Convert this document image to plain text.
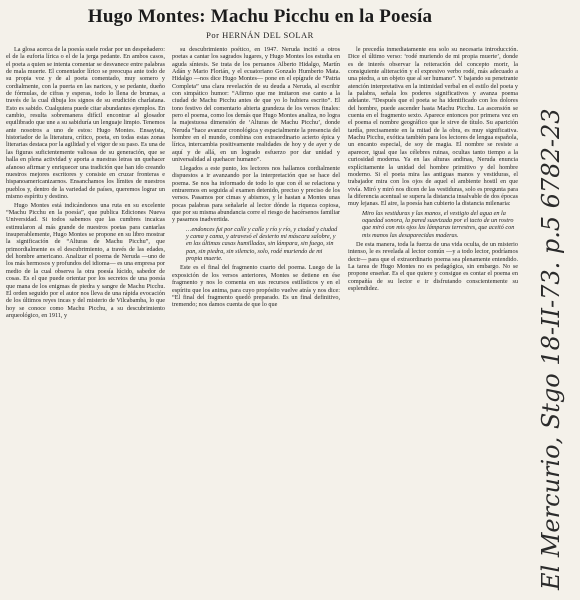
Hugo Montes: Machu Picchu en la Poesía
Por HERNÁN DEL SOLAR

La glosa acerca de la poesía suele rodar por un despeñadero: el de la euforia lírica o el de la jerga pedante. En ambos casos, el poeta a quien se intenta comentar se desvanece entre palabras de mala muerte. El comentador lírico se preocupa ante todo de su propia voz y de al poeta comentado, muy somero y cordialmente, con la puerta en las narices, y se pedante, dueño de fórmulas, de cifras y esperas, todo lo llena de brumas, a través de la cual dibuja los signos de su erudición charlatana. Esto es sabido. Cualquiera puede citar abundantes ejemplos. En cambio, resulta sobremanera difícil encontrar al glosador equilibrado que une a su sabiduría un lenguaje limpio. Tenemos ante nosotros a uno de estos: Hugo Montes. Ensayista, historiador de la literatura, crítico, poeta, en todas estas zonas literarias destaca por la agilidad y el vigor de su paso. Es una de las figuras suficientemente valiosas de su generación, que se halla en plena actividad y aporta a nuestras letras un quehacer afanoso afirmar y enriquecer una tradición que han ido creando nuestros mejores escritores y consiste en cruzar fronteras e hispanoamericanizarnos. Ensanchamos los límites de nuestros pueblos y, dentro de la variedad de países, queremos lograr un mismo espíritu y destino.

Hugo Montes está indicándonos una ruta en su excelente “Machu Picchu en la poesía”, que publica Ediciones Nueva Universidad. Si todos sabemos que las cumbres incaicas estimularon al más grande de nuestros poetas para cantarlas insuperablemente, Hugo Montes se propone en su libro mostrar la significación de “Alturas de Machu Picchu”, que primordialmente es el descubrimiento, a través de las edades, del hombre americano. Analizar el poema de Neruda —uno de los más hermosos y profundos del idioma— es una empresa por medio de la cual observa la otra poesía lúcido, sabedor de cosas. Es el que puede orientar por los secretos de una poesía que mana de los enigmas de piedra y sangre de Machu Picchu. El orden seguido por el autor nos lleva de una rápida evocación de los últimos reyes incas y del misterio de Vilcabamba, lo que hoy se conoce como Machu Picchu, a su descubrimiento arqueológico, en 1911, y

su descubrimiento poético, en 1947. Neruda incitó a otros poetas a cantar los sagrados lugares, y Hugo Montes los estudia en aguda síntesis. Se trata de los peruanos Alberto Hidalgo, Martín Adán y Mario Florián, y el ecuatoriano Gonzalo Humberto Mata. Hidalgo —nos dice Hugo Montes— pone en el epígrafe de “Patria Completa” una clara revelación de su deuda a Neruda, al escribir con simpático humor: “Afirmo que me imitaron ese canto a la ciudad de Machu Picchu antes de que yo lo hubiera escrito”. El tono festivo del comentario abierta grandeza de los versos finales: pero el poema, como los demás que Hugo Montes analiza, no logra la majestuosa dimensión de ‘Alturas de Machu Picchu’, donde Neruda “hace avanzar cronológica y espacialmente la presencia del hombre en el mundo, combina con extraordinario acierto épica y lírica, intercambia positivamente realidades de hoy y de ayer y de aquí y de allá, en un logrado esfuerzo por dar unidad y universalidad al quehacer humano”.

Llegados a este punto, los lectores nos hallamos cordialmente dispuestos a ir avanzando por la interpretación que se hace del poema. Se nos ha informado de todo lo que con él se relaciona y entraremos en seguida al examen detenido, preciso y preciso de los versos. Pasamos por cimas y abismos, y le hastan a Montes unas pocas palabras para señalarle al lector dónde la riqueza copiosa, que por su misma abundancia corre el riesgo de hacérsenos familiar y pasarnos inadvertida.

…endonces fui por calle y calle y río y río, y ciudad y ciudad y cama y cama, y atravesó el desierto mi máscara salobre, y en las últimas casas humilladas, sin lámpara, sin fuego, sin pan, sin piedra, sin silencio, solo, rodé muriendo de mi propia muerte.

Este es el final del fragmento cuarto del poema. Luego de la exposición de los versos anteriores, Montes se detiene en ése fragmento y nos lo comenta en sus recursos estilísticos y en el espíritu que los anima, para cuyo propósito vuelve atrás y nos dice: “El final del fragmento quedó preparado. Es un final definitivo, tremendo; nos damos cuenta de que lo que

le precedía inmediatamente era solo su necesaria introducción. Dice el último verso: ‘rodé muriendo de mi propia muerte’, donde es de interés observar la reiteración del concepto morir, la consiguiente aliteración y el expresivo verbo rodé, más adecuado a una piedra, a un objeto que al ser humano”. Y bajando su penetrante atención interpretativa en la intimidad verbal en el estilo del poeta y la palabra, señala los poderes significativos y avanza poema adelante. “Después que el poeta se ha identificado con los dolores del hombre, puede ascender hasta Machu Picchu. La ascensión se cuenta en el fragmento sexto. Aparece entonces por primera vez en el poema el nombre geográfico que le sirve de título. Su aparición tardía, precisamente en la mitad de la obra, es muy significativa. Machu Picchu, exótica también para los lectores de lengua española, un encanto especial, de soy de magia. El nombre se resiste a aparecer, igual que las célebres ruinas, ocultas tanto tiempo a la curiosidad moderna. Ya en las alturas andinas, Neruda enuncia explícitamente la unidad del hombre primitivo y del hombre moderno. Si el poeta mira las antiguas manos y vestiduras, el trabajador mira con los ojos de aquel el ambiente hostil en que vivía. Miró y miró nos dicen de las vestiduras, solo es pregunta para la diferencia acentual se supera la distancia insalvable de dos épocas muy lejanas. El aire, la poesía han cubierto la distancia milenaria:

Miro las vestiduras y las manos, el vestigio del agua en la oquedad sonora, la pared suavizada por el tacto de un rostro que miró con mis ojos las lámparas terrestres, que aceitó con mis manos las desaparecidas maderas.

De esta manera, toda la fuerza de una vida oculta, de un misterio intenso, le es revelada al lector común —y a todo lector, podríamos decir— para que el extraordinario poema sea plenamente entendido. La tarea de Hugo Montes no es pedagógica, sin embargo. No se propone enseñar. Es el que quiere y consigue es contar el poema en compañía de su lector e ir disfrutando conscientemente su esplendidez.	El Mercurio, Stgo 18-II-73. p.5 6782-23
